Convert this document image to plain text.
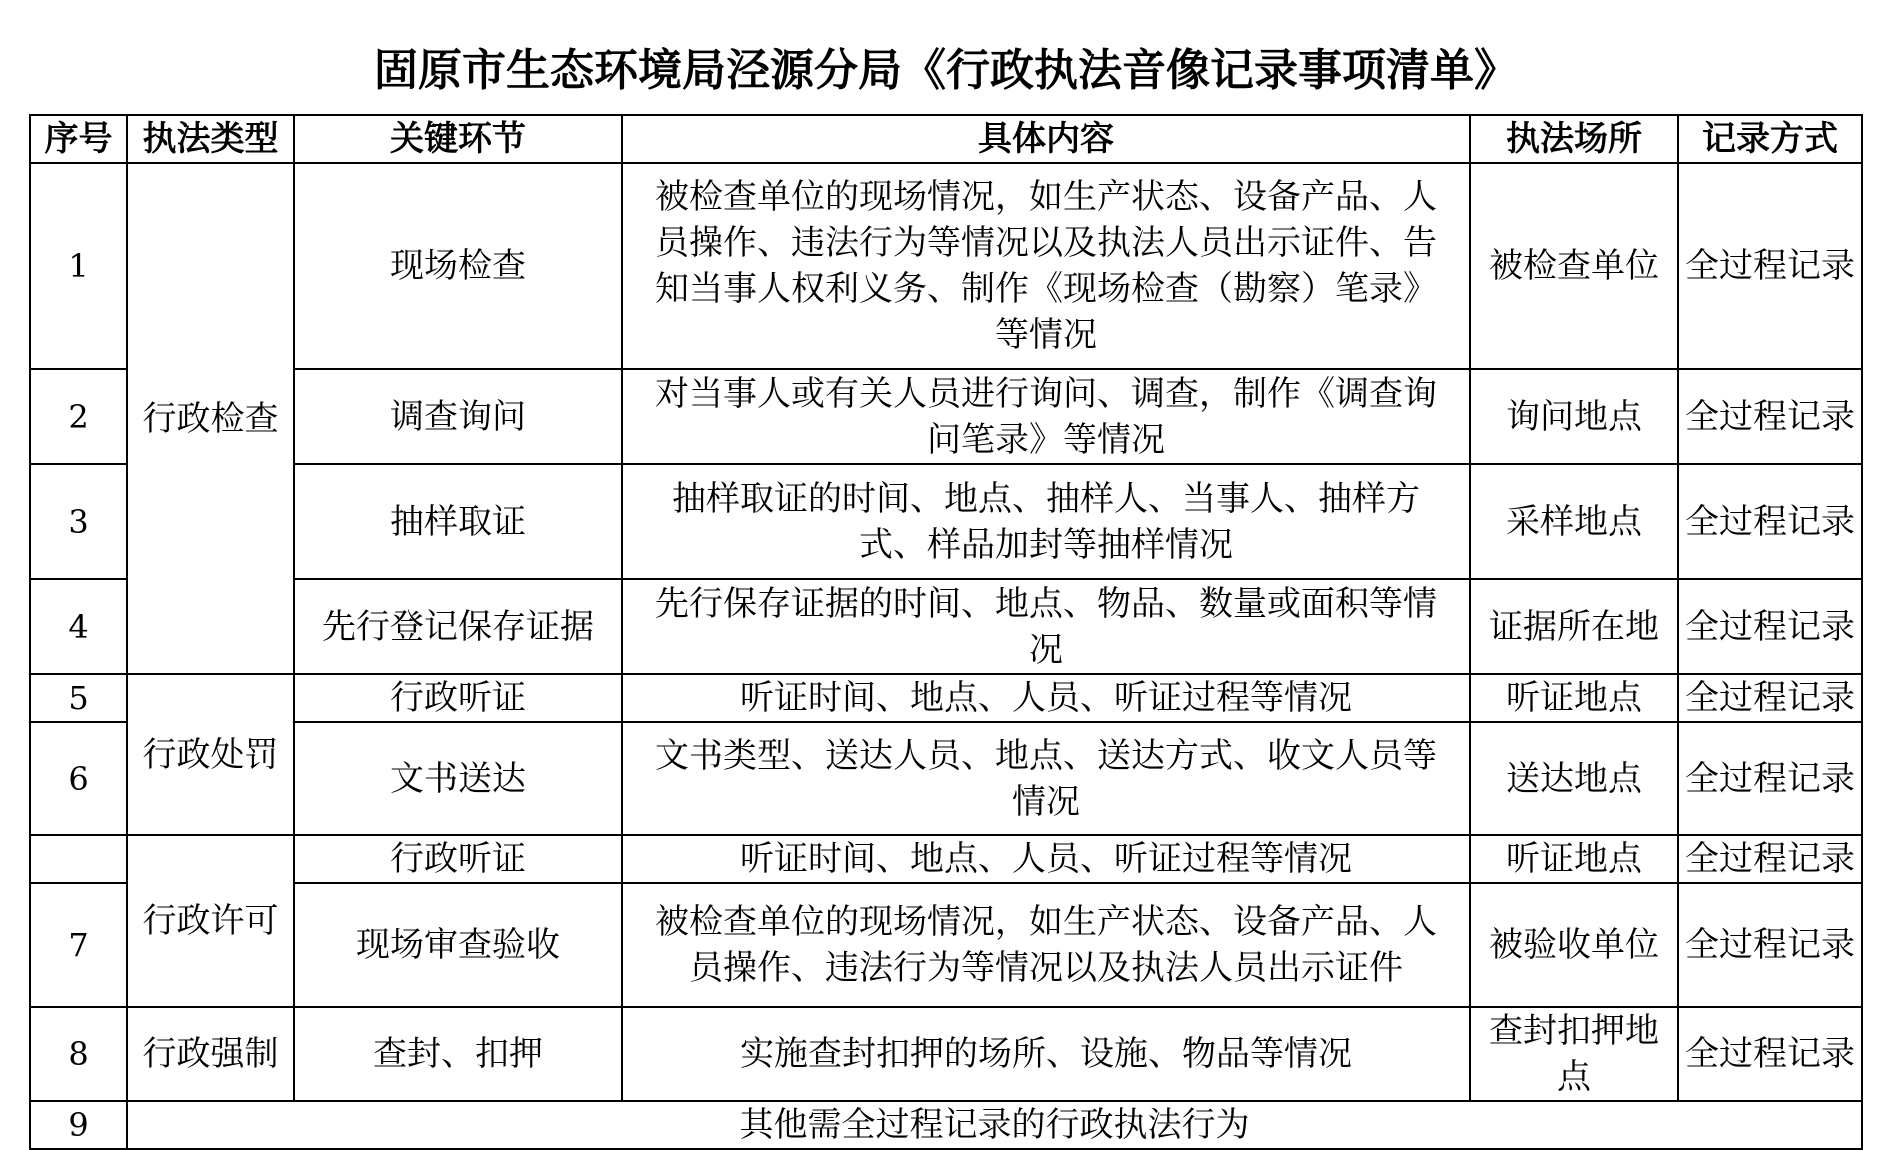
固原市生态环境局泾源分局《行政执法音像记录事项清单》					
序号	执法类型	关键环节	具体内容	执法场所	记录方式
1	行政检查	现场检查	被检查单位的现场情况，如生产状态、设备产品、人员操作、违法行为等情况以及执法人员出示证件、告知当事人权利义务、制作《现场检查（勘察）笔录》等情况	被检查单位	全过程记录
2		调查询问	对当事人或有关人员进行询问、调查，制作《调查询问笔录》等情况	询问地点	全过程记录
3		抽样取证	抽样取证的时间、地点、抽样人、当事人、抽样方式、样品加封等抽样情况	采样地点	全过程记录
4		先行登记保存证据	先行保存证据的时间、地点、物品、数量或面积等情况	证据所在地	全过程记录
5	行政处罚	行政听证	听证时间、地点、人员、听证过程等情况	听证地点	全过程记录
6		文书送达	文书类型、送达人员、地点、送达方式、收文人员等情况	送达地点	全过程记录
	行政许可	行政听证	听证时间、地点、人员、听证过程等情况	听证地点	全过程记录
7		现场审查验收	被检查单位的现场情况，如生产状态、设备产品、人员操作、违法行为等情况以及执法人员出示证件	被验收单位	全过程记录
8	行政强制	查封、扣押	实施查封扣押的场所、设施、物品等情况	查封扣押地点	全过程记录
9	其他需全过程记录的行政执法行为				
